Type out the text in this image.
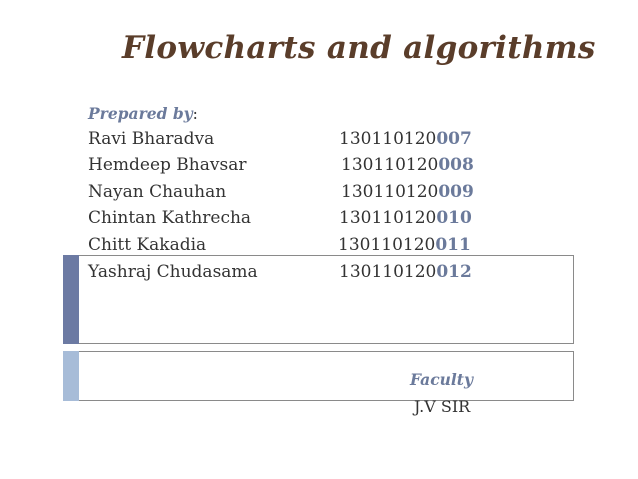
Flowcharts and algorithms
Prepared by:
Ravi Bharadva	130110120007
Hemdeep Bhavsar	130110120008
Nayan Chauhan	130110120009
Chintan Kathrecha	130110120010
Chitt Kakadia	130110120011
Yashraj Chudasama	130110120012
Faculty
J.V SIR
